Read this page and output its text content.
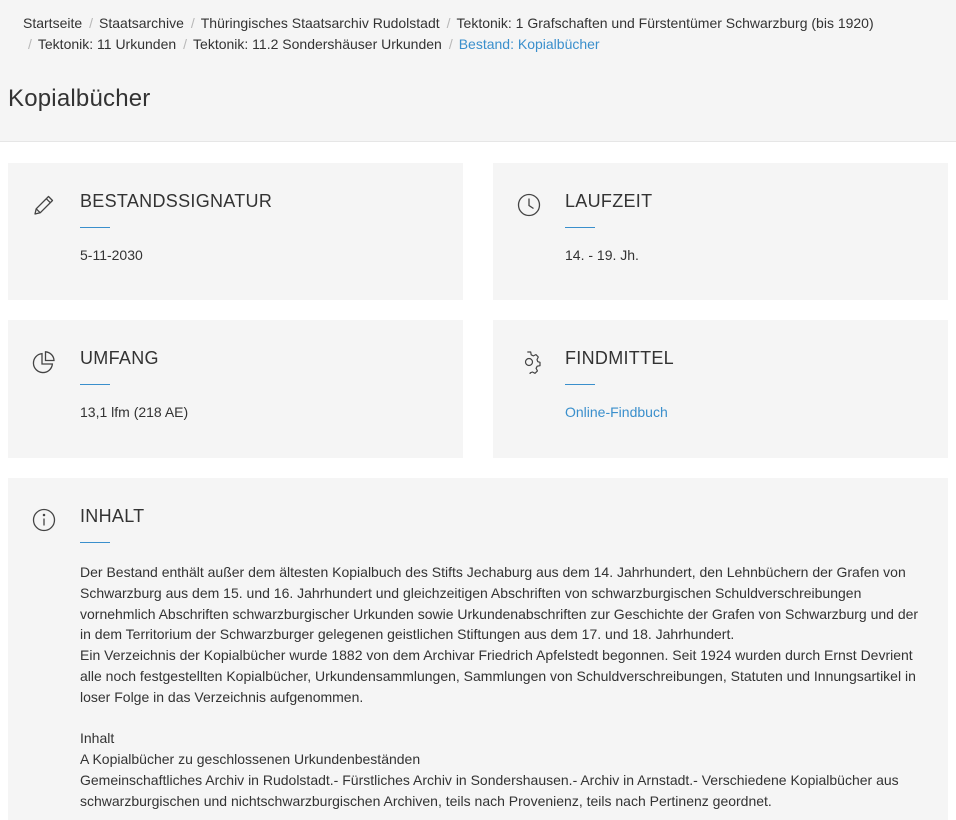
Startseite / Staatsarchive / Thüringisches Staatsarchiv Rudolstadt / Tektonik: 1 Grafschaften und Fürstentümer Schwarzburg (bis 1920)
/ Tektonik: 11 Urkunden / Tektonik: 11.2 Sondershäuser Urkunden / Bestand: Kopialbücher
Kopialbücher
BESTANDSSIGNATUR
5-11-2030
LAUFZEIT
14. - 19. Jh.
UMFANG
13,1 lfm (218 AE)
FINDMITTEL
Online-Findbuch
INHALT

Der Bestand enthält außer dem ältesten Kopialbuch des Stifts Jechaburg aus dem 14. Jahrhundert, den Lehnbüchern der Grafen von Schwarzburg aus dem 15. und 16. Jahrhundert und gleichzeitigen Abschriften von schwarzburgischen Schuldverschreibungen vornehmlich Abschriften schwarzburgischer Urkunden sowie Urkundenabschriften zur Geschichte der Grafen von Schwarzburg und der in dem Territorium der Schwarzburger gelegenen geistlichen Stiftungen aus dem 17. und 18. Jahrhundert.

Ein Verzeichnis der Kopialbücher wurde 1882 von dem Archivar Friedrich Apfelstedt begonnen. Seit 1924 wurden durch Ernst Devrient alle noch festgestellten Kopialbücher, Urkundensammlungen, Sammlungen von Schuldverschreibungen, Statuten und Innungsartikel in loser Folge in das Verzeichnis aufgenommen.

Inhalt

A Kopialbücher zu geschlossenen Urkundenbeständen

Gemeinschaftliches Archiv in Rudolstadt.- Fürstliches Archiv in Sondershausen.- Archiv in Arnstadt.- Verschiedene Kopialbücher aus schwarzburgischen und nichtschwarzburgischen Archiven, teils nach Provenienz, teils nach Pertinenz geordnet.
